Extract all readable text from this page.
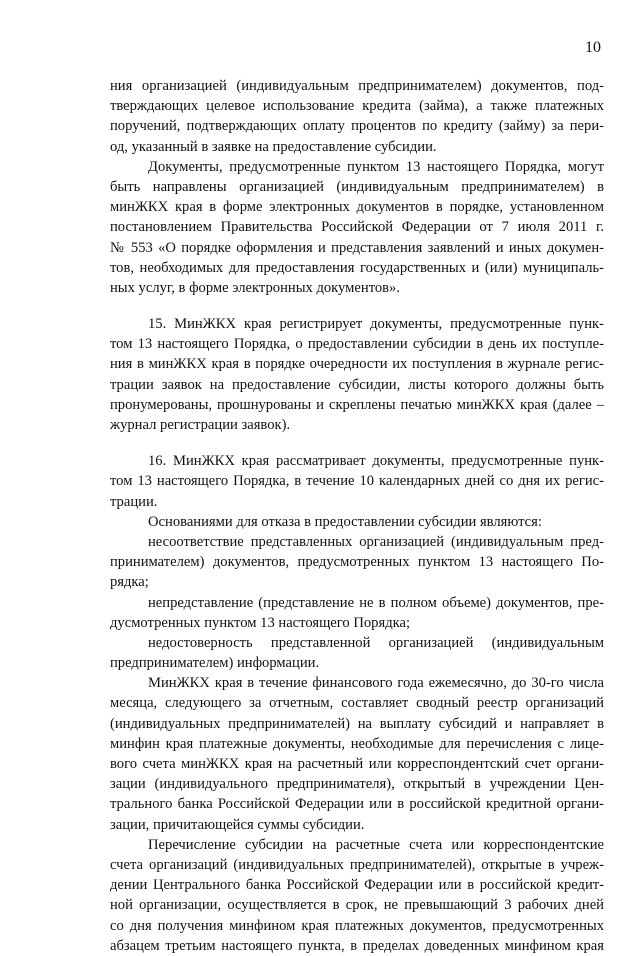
10
ния организацией (индивидуальным предпринимателем) документов, под-
тверждающих целевое использование кредита (займа), а также платежных
поручений, подтверждающих оплату процентов по кредиту (займу) за пери-
од, указанный в заявке на предоставление субсидии.
Документы, предусмотренные пунктом 13 настоящего Порядка, могут
быть направлены организацией (индивидуальным предпринимателем) в
минЖКХ края в форме электронных документов в порядке, установленном
постановлением Правительства Российской Федерации от 7 июля 2011 г.
№ 553 «О порядке оформления и представления заявлений и иных докумен-
тов, необходимых для предоставления государственных и (или) муниципаль-
ных услуг, в форме электронных документов».
15. МинЖКХ края регистрирует документы, предусмотренные пунк-
том 13 настоящего Порядка, о предоставлении субсидии в день их поступле-
ния в минЖКХ края в порядке очередности их поступления в журнале регис-
трации заявок на предоставление субсидии, листы которого должны быть
пронумерованы, прошнурованы и скреплены печатью минЖКХ края (далее –
журнал регистрации заявок).
16. МинЖКХ края рассматривает документы, предусмотренные пунк-
том 13 настоящего Порядка, в течение 10 календарных дней со дня их регис-
трации.
Основаниями для отказа в предоставлении субсидии являются:
несоответствие представленных организацией (индивидуальным пред-
принимателем) документов, предусмотренных пунктом 13 настоящего По-
рядка;
непредставление (представление не в полном объеме) документов, пре-
дусмотренных пунктом 13 настоящего Порядка;
недостоверность представленной организацией (индивидуальным
предпринимателем) информации.
МинЖКХ края в течение финансового года ежемесячно, до 30-го числа
месяца, следующего за отчетным, составляет сводный реестр организаций
(индивидуальных предпринимателей) на выплату субсидий и направляет в
минфин края платежные документы, необходимые для перечисления с лице-
вого счета минЖКХ края на расчетный или корреспондентский счет органи-
зации (индивидуального предпринимателя), открытый в учреждении Цен-
трального банка Российской Федерации или в российской кредитной органи-
зации, причитающейся суммы субсидии.
Перечисление субсидии на расчетные счета или корреспондентские
счета организаций (индивидуальных предпринимателей), открытые в учреж-
дении Центрального банка Российской Федерации или в российской кредит-
ной организации, осуществляется в срок, не превышающий 3 рабочих дней
со дня получения минфином края платежных документов, предусмотренных
абзацем третьим настоящего пункта, в пределах доведенных минфином края
